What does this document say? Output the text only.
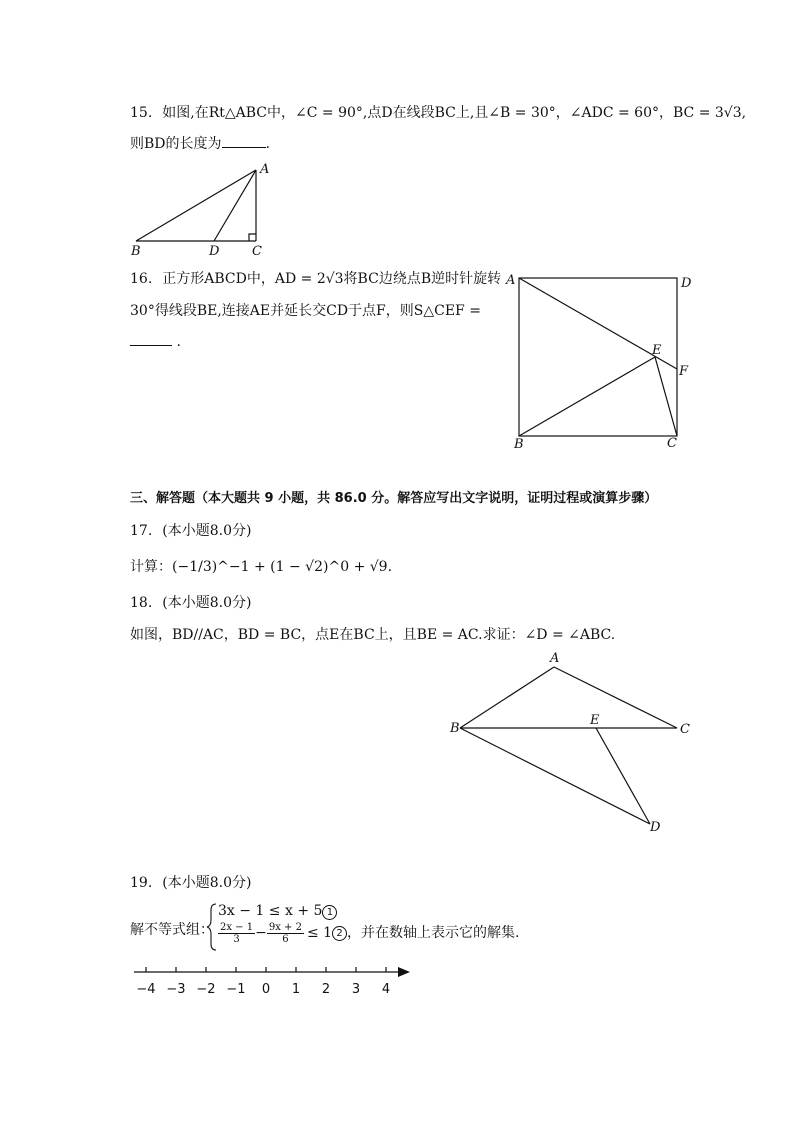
15. 如图,在Rt△ABC中，∠C = 90°,点D在线段BC上,且∠B = 30°，∠ADC = 60°，BC = 3√3,
则BD的长度为	.
A
B	D	C
16. 正方形ABCD中，AD = 2√3将BC边绕点B逆时针旋转
30°得线段BE,连接AE并延长交CD于点F，则S△CEF =
.
A	D
E
F
B	C
三、解答题（本大题共 9 小题，共 86.0 分。解答应写出文字说明，证明过程或演算步骤）
17. (本小题8.0分)
计算：(−1/3)^−1 + (1 − √2)^0 + √9.
18. (本小题8.0分)
如图，BD//AC，BD = BC，点E在BC上，且BE = AC.求证：∠D = ∠ABC.
A
B
E
C
D
19. (本小题8.0分)
解不等式组：
3x − 1 ≤ x + 5 1
$\frac{2x - 1}{3} - \frac{9x + 2}{6} \le 1$ 2 ，并在数轴上表示它的解集.
−4 −3 −2 −1 0 1 2 3 4
